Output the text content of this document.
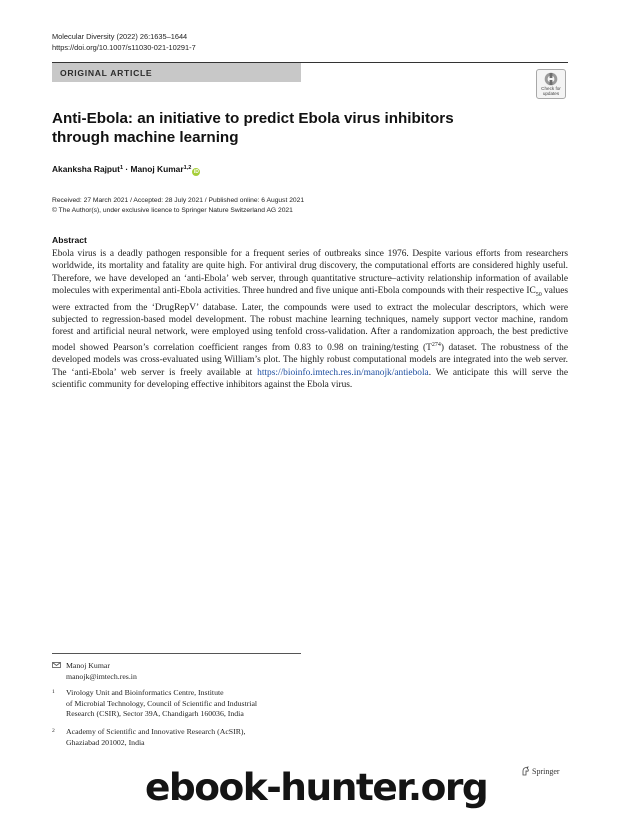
Molecular Diversity (2022) 26:1635–1644
https://doi.org/10.1007/s11030-021-10291-7
ORIGINAL ARTICLE
Check for
updates
Anti-Ebola: an initiative to predict Ebola virus inhibitors
through machine learning
Akanksha Rajput$^1$ · Manoj Kumar$^{1,2}$iD
Received: 27 March 2021 / Accepted: 28 July 2021 / Published online: 6 August 2021
© The Author(s), under exclusive licence to Springer Nature Switzerland AG 2021
Abstract
Ebola virus is a deadly pathogen responsible for a frequent series of outbreaks since 1976. Despite various efforts from researchers worldwide, its mortality and fatality are quite high. For antiviral drug discovery, the computational efforts are considered highly useful. Therefore, we have developed an ‘anti-Ebola’ web server, through quantitative structure–activity relationship information of available molecules with experimental anti-Ebola activities. Three hundred and five unique anti-Ebola compounds with their respective $IC_{50}$ values were extracted from the ‘DrugRepV’ database. Later, the compounds were used to extract the molecular descriptors, which were subjected to regression-based model development. The robust machine learning techniques, namely support vector machine, random forest and artificial neural network, were employed using tenfold cross-validation. After a randomization approach, the best predictive model showed Pearson’s correlation coefficient ranges from 0.83 to 0.98 on training/testing $(T^{274})$ dataset. The robustness of the developed models was cross-evaluated using William’s plot. The highly robust computational models are integrated into the web server. The ‘anti-Ebola’ web server is freely available at https://bioinfo.imtech.res.in/manojk/antiebola. We anticipate this will serve the scientific community for developing effective inhibitors against the Ebola virus.
Manoj Kumar
manojk@imtech.res.in
1 Virology Unit and Bioinformatics Centre, Institute
of Microbial Technology, Council of Scientific and Industrial
Research (CSIR), Sector 39A, Chandigarh 160036, India
2 Academy of Scientific and Innovative Research (AcSIR),
Ghaziabad 201002, India
Springer
ebook-hunter.org
